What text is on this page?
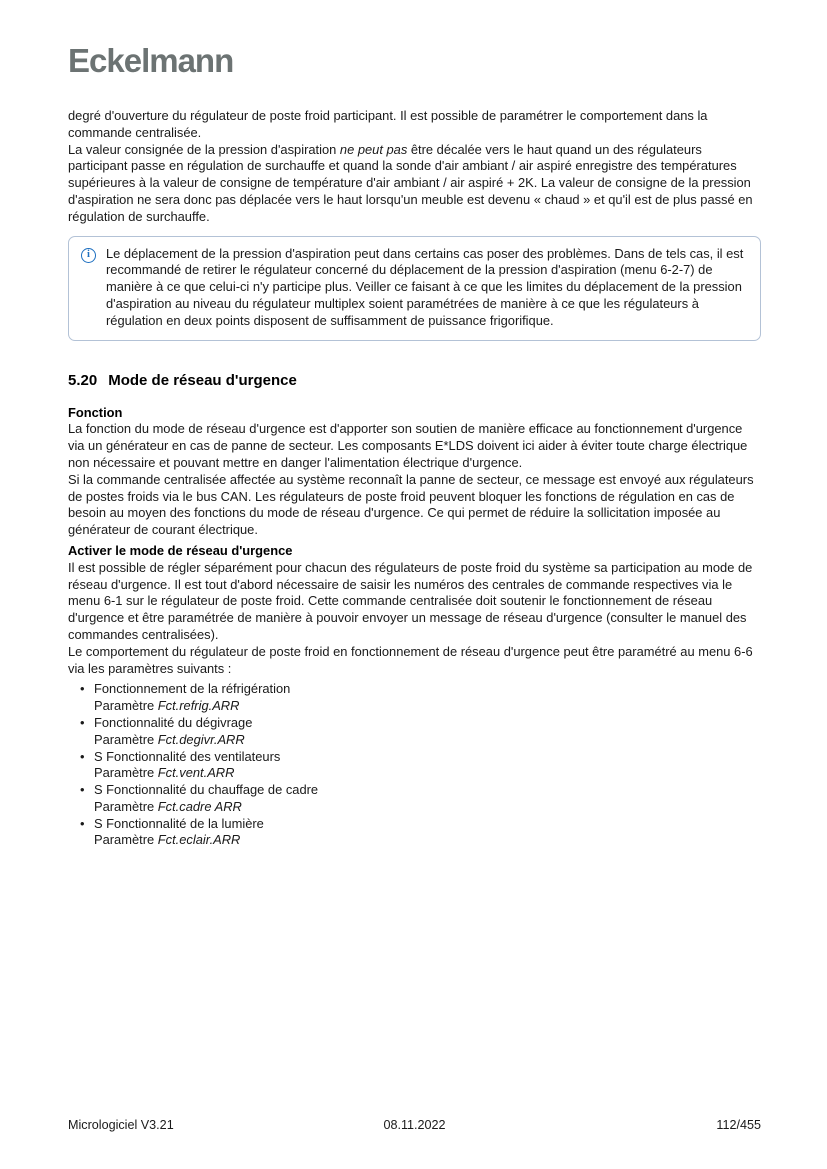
Eckelmann
degré d'ouverture du régulateur de poste froid participant. Il est possible de paramétrer le comportement dans la commande centralisée.
La valeur consignée de la pression d'aspiration ne peut pas être décalée vers le haut quand un des régulateurs participant passe en régulation de surchauffe et quand la sonde d'air ambiant / air aspiré enregistre des températures supérieures à la valeur de consigne de température d'air ambiant / air aspiré + 2K. La valeur de consigne de la pression d'aspiration ne sera donc pas déplacée vers le haut lorsqu'un meuble est devenu « chaud » et qu'il est de plus passé en régulation de surchauffe.
i
Le déplacement de la pression d'aspiration peut dans certains cas poser des problèmes. Dans de tels cas, il est recommandé de retirer le régulateur concerné du déplacement de la pression d'aspiration (menu 6-2-7) de manière à ce que celui-ci n'y participe plus. Veiller ce faisant à ce que les limites du déplacement de la pression d'aspiration au niveau du régulateur multiplex soient paramétrées de manière à ce que les régulateurs à régulation en deux points disposent de suffisamment de puissance frigorifique.
5.20 Mode de réseau d'urgence
Fonction
La fonction du mode de réseau d'urgence est d'apporter son soutien de manière efficace au fonctionnement d'urgence via un générateur en cas de panne de secteur. Les composants E*LDS doivent ici aider à éviter toute charge électrique non nécessaire et pouvant mettre en danger l'alimentation électrique d'urgence.
Si la commande centralisée affectée au système reconnaît la panne de secteur, ce message est envoyé aux régulateurs de postes froids via le bus CAN. Les régulateurs de poste froid peuvent bloquer les fonctions de régulation en cas de besoin au moyen des fonctions du mode de réseau d'urgence. Ce qui permet de réduire la sollicitation imposée au générateur de courant électrique.
Activer le mode de réseau d'urgence
Il est possible de régler séparément pour chacun des régulateurs de poste froid du système sa participation au mode de réseau d'urgence. Il est tout d'abord nécessaire de saisir les numéros des centrales de commande respectives via le menu 6-1 sur le régulateur de poste froid. Cette commande centralisée doit soutenir le fonctionnement de réseau d'urgence et être paramétrée de manière à pouvoir envoyer un message de réseau d'urgence (consulter le manuel des commandes centralisées).
Le comportement du régulateur de poste froid en fonctionnement de réseau d'urgence peut être paramétré au menu 6-6 via les paramètres suivants :
•
Fonctionnement de la réfrigération
Paramètre Fct.refrig.ARR
•
Fonctionnalité du dégivrage
Paramètre Fct.degivr.ARR
•
S Fonctionnalité des ventilateurs
Paramètre Fct.vent.ARR
•
S Fonctionnalité du chauffage de cadre
Paramètre Fct.cadre ARR
•
S Fonctionnalité de la lumière
Paramètre Fct.eclair.ARR
Micrologiciel V3.21	08.11.2022	112/455
